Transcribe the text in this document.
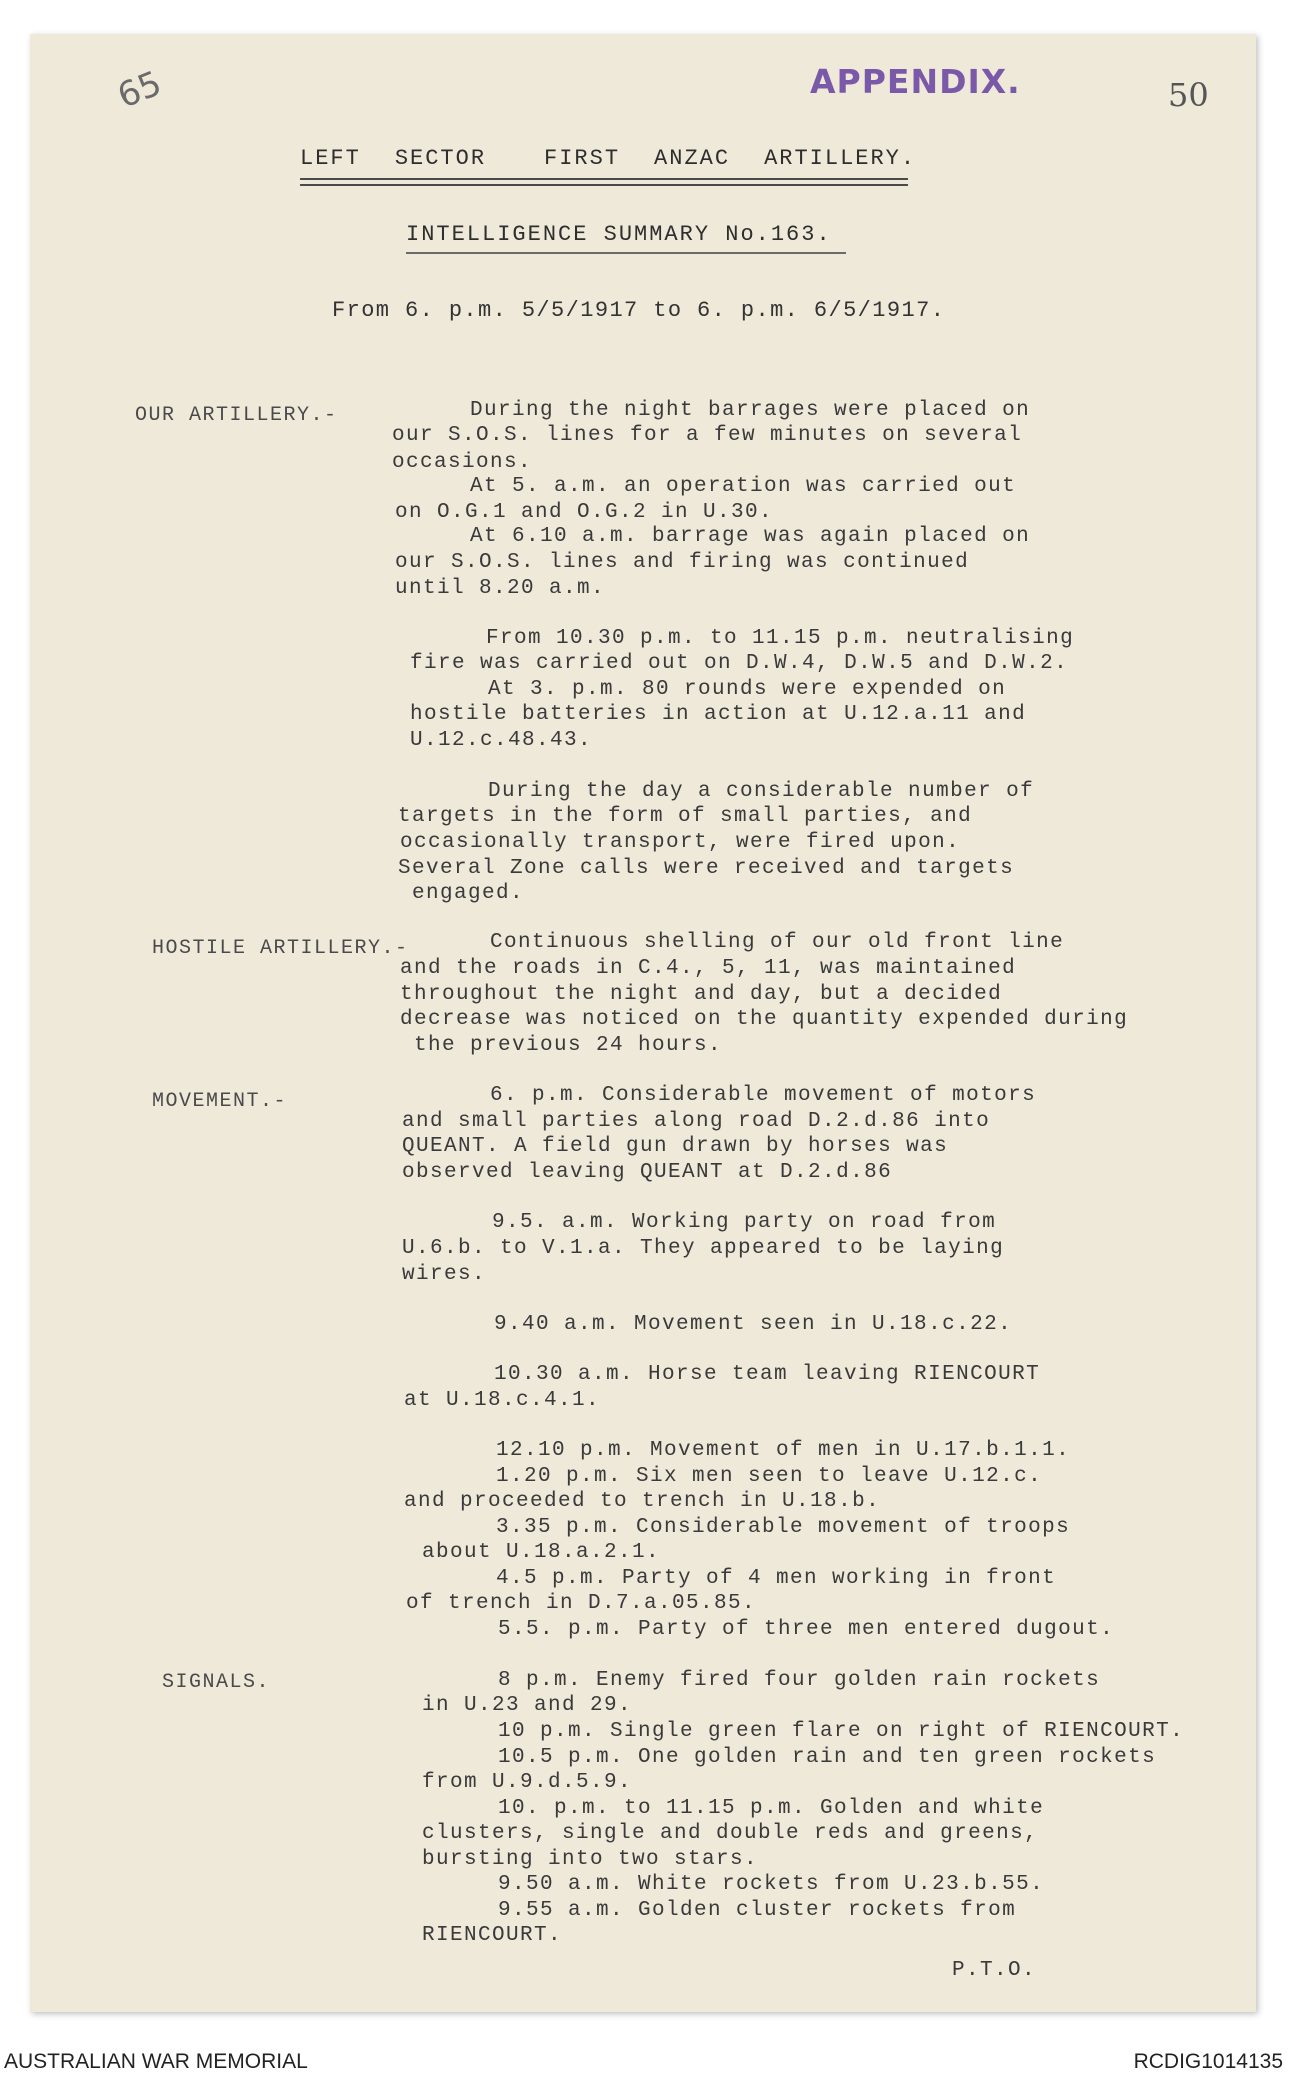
65	APPENDIX.	50
LEFT SECTOR	FIRST ANZAC ARTILLERY.
INTELLIGENCE SUMMARY No.163.
From 6. p.m. 5/5/1917 to 6. p.m. 6/5/1917.
OUR ARTILLERY.-	During the night barrages were placed on
our S.O.S. lines for a few minutes on several
occasions.
At 5. a.m. an operation was carried out
on O.G.1 and O.G.2 in U.30.
At 6.10 a.m. barrage was again placed on
our S.O.S. lines and firing was continued
until 8.20 a.m.
From 10.30 p.m. to 11.15 p.m. neutralising
fire was carried out on D.W.4, D.W.5 and D.W.2.
At 3. p.m. 80 rounds were expended on
hostile batteries in action at U.12.a.11 and
U.12.c.48.43.
During the day a considerable number of
targets in the form of small parties, and
occasionally transport, were fired upon.
Several Zone calls were received and targets
engaged.
HOSTILE ARTILLERY.-	Continuous shelling of our old front line
and the roads in C.4., 5, 11, was maintained
throughout the night and day, but a decided
decrease was noticed on the quantity expended during
the previous 24 hours.
MOVEMENT.-	6. p.m. Considerable movement of motors
and small parties along road D.2.d.86 into
QUEANT. A field gun drawn by horses was
observed leaving QUEANT at D.2.d.86
9.5. a.m. Working party on road from
U.6.b. to V.1.a. They appeared to be laying
wires.
9.40 a.m. Movement seen in U.18.c.22.
10.30 a.m. Horse team leaving RIENCOURT
at U.18.c.4.1.
12.10 p.m. Movement of men in U.17.b.1.1.
1.20 p.m. Six men seen to leave U.12.c.
and proceeded to trench in U.18.b.
3.35 p.m. Considerable movement of troops
about U.18.a.2.1.
4.5 p.m. Party of 4 men working in front
of trench in D.7.a.05.85.
5.5. p.m. Party of three men entered dugout.
SIGNALS.	8 p.m. Enemy fired four golden rain rockets
in U.23 and 29.
10 p.m. Single green flare on right of RIENCOURT.
10.5 p.m. One golden rain and ten green rockets
from U.9.d.5.9.
10. p.m. to 11.15 p.m. Golden and white
clusters, single and double reds and greens,
bursting into two stars.
9.50 a.m. White rockets from U.23.b.55.
9.55 a.m. Golden cluster rockets from
RIENCOURT.
P.T.O.
AUSTRALIAN WAR MEMORIAL	RCDIG1014135
